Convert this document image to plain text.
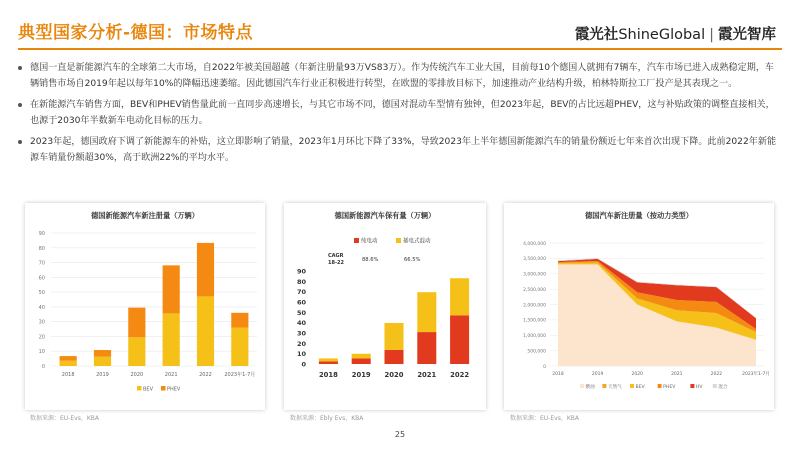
典型国家分析-德国：市场特点	霞光社ShineGlobal | 霞光智库
德国一直是新能源汽车的全球第二大市场，自2022年被美国超越（年新注册量93万VS83万）。作为传统汽车工业大国，目前每10个德国人就拥有7辆车，汽车市场已进入成熟稳定期，车辆销售市场自2019年起以每年10%的降幅迅速萎缩。因此德国汽车行业正积极进行转型，在欧盟的零排放目标下，加速推动产业结构升级，柏林特斯拉工厂投产是其表现之一。
在新能源汽车销售方面，BEV和PHEV销售量此前一直同步高速增长，与其它市场不同，德国对混动车型情有独钟，但2023年起，BEV的占比远超PHEV，这与补贴政策的调整直接相关，也源于2030年半数新车电动化目标的压力。
2023年起，德国政府下调了新能源车的补贴，这立即影响了销量，2023年1月环比下降了33%，导致2023年上半年德国新能源汽车的销量份额近七年来首次出现下降。此前2022年新能源车销量份额超30%，高于欧洲22%的平均水平。
德国新能源汽车新注册量（万辆）
0
10
20
30
40
50
60
70
80
90
2018	2019	2020	2021	2022	2023年1-7月
BEV	PHEV
德国新能源汽车保有量（万辆）
0
10
20
30
40
50
60
70
80
90
纯电动	插电式混动
CAGR
18-22	88.6%	66.5%
2018 2019 2020 2021 2022
德国汽车新注册量（按动力类型）
0
500,000
1,000,000
1,500,000
2,000,000
2,500,000
3,000,000
3,500,000
4,000,000
2018	2019	2020	2021	2022	2023年1-7月
燃油	天然气	BEV	PHEV	HV	混合
数据来源：EU-Evs，KBA	数据来源：Ebly Evs，KBA	数据来源：EU-Evs，KBA
25
